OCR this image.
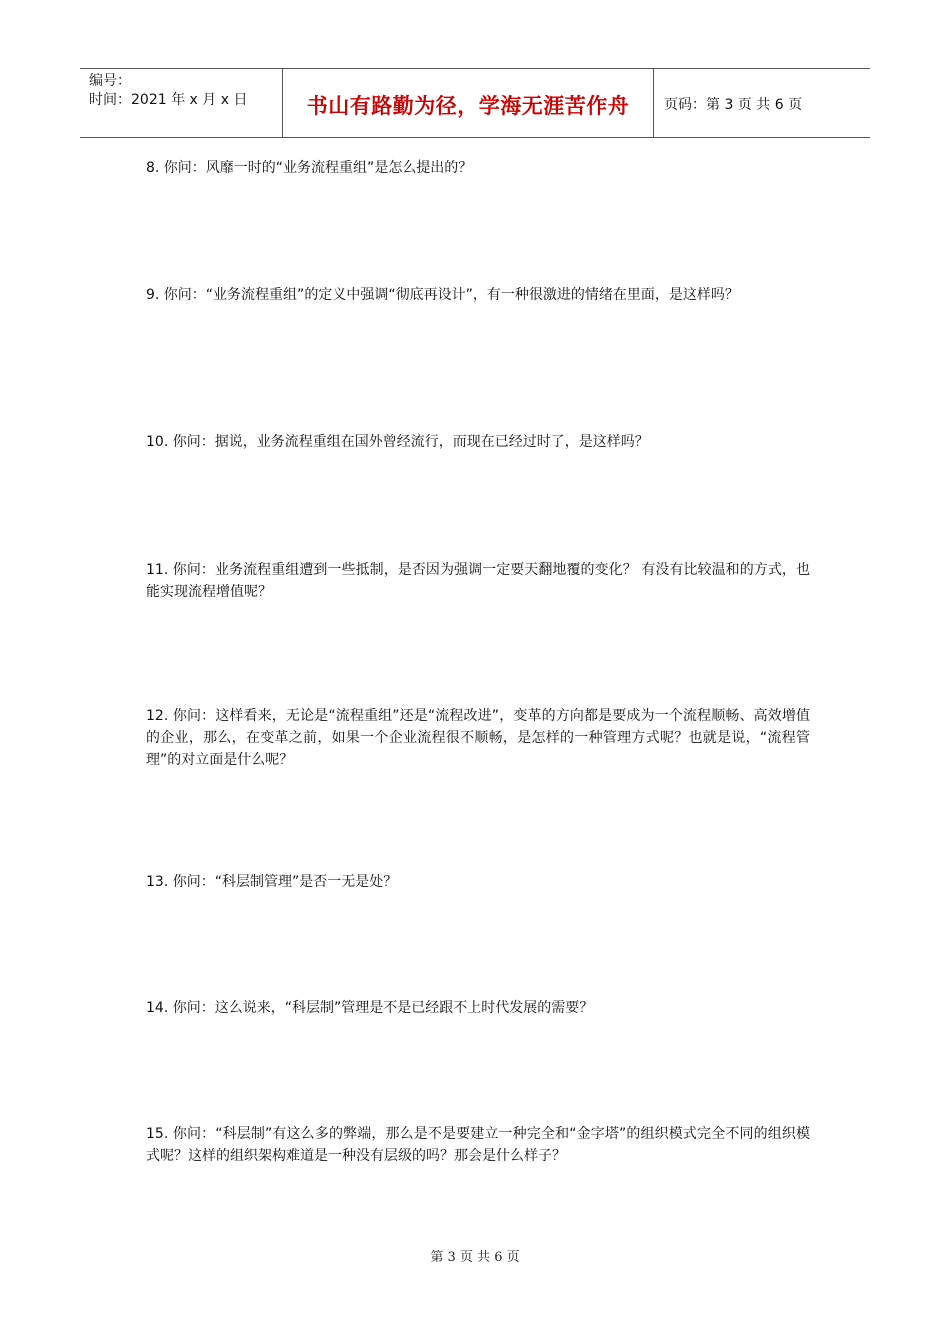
编号：
时间：2021 年 x 月 x 日	书山有路勤为径，学海无涯苦作舟	页码：第 3 页 共 6 页

8. 你问：风靡一时的“业务流程重组”是怎么提出的？

9. 你问：“业务流程重组”的定义中强调“彻底再设计”，有一种很激进的情绪在里面，是这样吗？

10. 你问：据说，业务流程重组在国外曾经流行，而现在已经过时了，是这样吗？

11. 你问：业务流程重组遭到一些抵制，是否因为强调一定要天翻地覆的变化？ 有没有比较温和的方式，也能实现流程增值呢？

12. 你问：这样看来，无论是“流程重组”还是“流程改进”，变革的方向都是要成为一个流程顺畅、高效增值的企业，那么，在变革之前，如果一个企业流程很不顺畅，是怎样的一种管理方式呢？也就是说，“流程管理”的对立面是什么呢？

13. 你问：“科层制管理”是否一无是处？

14. 你问：这么说来，“科层制”管理是不是已经跟不上时代发展的需要？

15. 你问：“科层制”有这么多的弊端，那么是不是要建立一种完全和“金字塔”的组织模式完全不同的组织模式呢？这样的组织架构难道是一种没有层级的吗？那会是什么样子？

第 3 页 共 6 页
